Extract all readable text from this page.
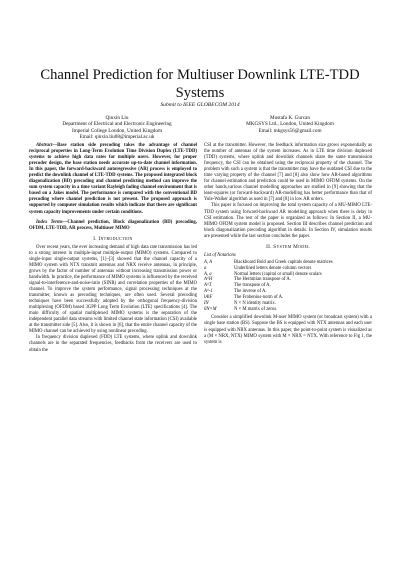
Channel Prediction for Multiuser Downlink LTE-TDD Systems
Submit to IEEE GLOBECOM 2014
Qinxin Liu
Department of Electrical and Electronic Engineering
Imperial College London, United Kingdom
Email: qinxin.liu08@imperial.ac.uk
Mustafa K. Gurcan
MKGSYS Ltd., London, United Kingdom
Email: mkgsys56@gmail.com

Abstract—Base station side precoding takes the advantage of channel reciprocal properties in Long-Term Evolution Time Division Duplex (LTE-TDD) systems to achieve high data rates for multiple users. However, for proper precoder design, the base station needs accurate up-to-date channel information. In this paper, the forward-backward autoregressive (AR) process is employed to predict the downlink channel of LTE-TDD systems. The proposed integrated block diagonalization (BD) precoding and channel predicting method can improve the sum system capacity in a time variant Rayleigh fading channel environment that is based on a Jakes model. The performance is compared with the conventional BD precoding where channel prediction is not present. The proposed approach is supported by computer simulation results which indicate that there are significant system capacity improvements under certain conditions.

Index Terms—Channel prediction, Block diagonalization (BD) precoding, OFDM, LTE-TDD, AR process, Multiuser MIMO

I. Introduction

Over recent years, the ever increasing demand of high data rate transmission has led to a strong interest in multiple-input multiple-output (MIMO) systems. Compared to single-input single-output systems, [1]–[3] showed that the channel capacity of a MIMO system with NTX transmit antennas and NRX receive antennas, in principle, grows by the factor of number of antennas without increasing transmission power or bandwidth. In practice, the performance of MIMO systems is influenced by the received signal-to-interference-and-noise-ratio (SINR) and correlation properties of the MIMO channel. To improve the system performance, signal processing techniques at the transmitter, known as precoding techniques, are often used. Several precoding techniques have been successfully adopted by the orthogonal frequency-division multiplexing (OFDM) based 3GPP Long Term Evolution (LTE) specifications [4]. The main difficulty of spatial multiplexed MIMO systems is the separation of the independent parallel data streams with limited channel state information (CSI) available at the transmitter side [5]. Also, it is shown in [6], that the entire channel capacity of the MIMO channel can be achieved by using nonlinear precoding.

In frequency division duplexed (FDD) LTE systems, where uplink and downlink channels are in the separated frequencies, feedbacks from the receivers are used to obtain the

CSI at the transmitter. However, the feedback information size grows exponentially as the number of antennas of the system increases. As in LTE time division duplexed (TDD) systems, where uplink and downlink channels share the same transmission frequency, the CSI can be obtained using the reciprocal property of the channel. The problem with such a system is that the transmitter may have the outdated CSI due to the time varying property of the channel [7] and [8] also show how AR-based algorithms for channel estimation and prediction could be used in MIMO OFDM systems. On the other hands,various channel modelling approaches are studied in [9] showing that the least-squares (or forward-backward) AR-modelling has better performance than that of Yule-Walker algorithm as used in [7] and [8] in low AR orders.

This paper is focused on improving the total system capacity of a MU-MIMO LTE-TDD system using forward-backward AR modelling approach when there is delay in CSI estimation. The rest of the paper is organized as follows: In Section II, a MU-MIMO OFDM system model is proposed. Section III describes channel prediction and block diagonalization precoding algorithm in details. In Section IV, simulation results are presented while the last section concludes the paper.

II. System Model
List of Notations
A, A	Blackboard Bold and Greek capitals denote matrices
a	Underlined letters denote column vectors
A, a	Normal letters (capital or small) denote scalars
A^H	The Hermitian transpose of A.
A^T	The transpose of A.
A^-1	The inverse of A.
‖A‖F	The Frobenius-norm of A.
IN	N × N identity matrix.
0N×M	N × M matrix of zeros.

Consider a simplified downlink M-user MIMO system (or broadcast system) with a single base station (BS). Suppose the BS is equipped with NTX antennas and each user is equipped with NRX antennas. In this paper, the point-to-point system is visualized as a (M × NRX, NTX) MIMO system with M × NRX = NTX. With reference to Fig 1, the system is
